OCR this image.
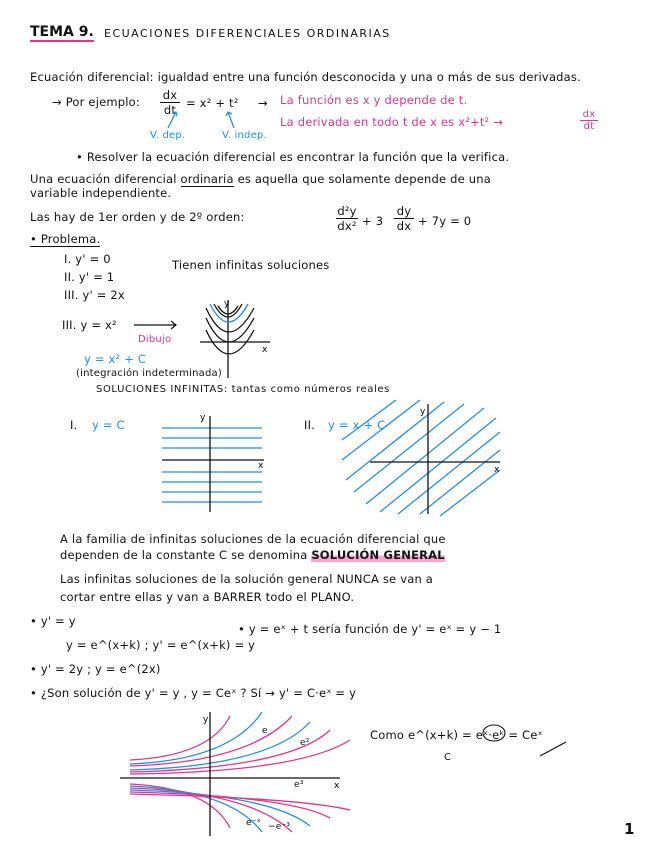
TEMA 9. ECUACIONES DIFERENCIALES ORDINARIAS
Ecuación diferencial: igualdad entre una función desconocida y una o más de sus derivadas.
→ Por ejemplo: dx
dt = x² + t² → La función es x y depende de t.
La derivada en todo t de x es x²+t² →
dx
dt
V. dep.	V. indep.
• Resolver la ecuación diferencial es encontrar la función que la verifica.
Una ecuación diferencial ordinaria es aquella que solamente depende de una
variable independiente.
Las hay de 1er orden y de 2º orden:	d²y
dx² + 3
dy
dx + 7y = 0
• Problema.
I. y' = 0
II. y' = 1
III. y' = 2x
Tienen infinitas soluciones
III. y = x²
Dibujo
y = x² + C
(integración indeterminada)
SOLUCIONES INFINITAS: tantas como números reales
x
y
I. y = C	II. y = x + C
y
x
y
x
A la familia de infinitas soluciones de la ecuación diferencial que
dependen de la constante C se denomina SOLUCIÓN GENERAL
Las infinitas soluciones de la solución general NUNCA se van a
cortar entre ellas y van a BARRER todo el PLANO.
• y' = y
y = e^(x+k) ; y' = e^(x+k) = y
• y = eˣ + t sería función de y' = eˣ = y − 1
• y' = 2y ; y = e^(2x)
• ¿Son solución de y' = y , y = Ceˣ ? Sí → y' = C·eˣ = y
Como e^(x+k) = eˣ·eᵏ = Ceˣ
C
y
x
e
e²
e³
e⁻ˣ −e⁻³	1
